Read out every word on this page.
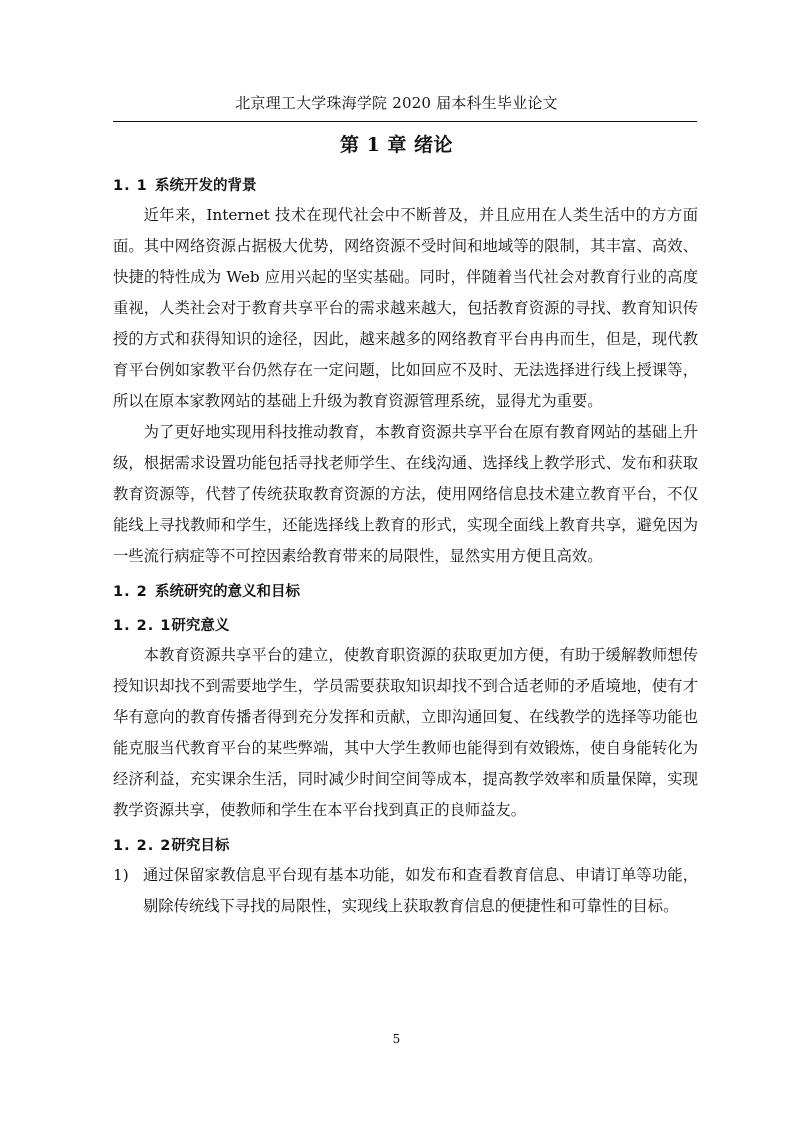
北京理工大学珠海学院 2020 届本科生毕业论文
第 1 章 绪论
1. 1 系统开发的背景

近年来，Internet 技术在现代社会中不断普及，并且应用在人类生活中的方方面面。其中网络资源占据极大优势，网络资源不受时间和地域等的限制，其丰富、高效、快捷的特性成为 Web 应用兴起的坚实基础。同时，伴随着当代社会对教育行业的高度重视，人类社会对于教育共享平台的需求越来越大，包括教育资源的寻找、教育知识传授的方式和获得知识的途径，因此，越来越多的网络教育平台冉冉而生，但是，现代教育平台例如家教平台仍然存在一定问题，比如回应不及时、无法选择进行线上授课等，所以在原本家教网站的基础上升级为教育资源管理系统，显得尤为重要。

为了更好地实现用科技推动教育，本教育资源共享平台在原有教育网站的基础上升级，根据需求设置功能包括寻找老师学生、在线沟通、选择线上教学形式、发布和获取教育资源等，代替了传统获取教育资源的方法，使用网络信息技术建立教育平台，不仅能线上寻找教师和学生，还能选择线上教育的形式，实现全面线上教育共享，避免因为一些流行病症等不可控因素给教育带来的局限性，显然实用方便且高效。

1. 2 系统研究的意义和目标
1. 2. 1研究意义

本教育资源共享平台的建立，使教育职资源的获取更加方便，有助于缓解教师想传授知识却找不到需要地学生，学员需要获取知识却找不到合适老师的矛盾境地，使有才华有意向的教育传播者得到充分发挥和贡献，立即沟通回复、在线教学的选择等功能也能克服当代教育平台的某些弊端，其中大学生教师也能得到有效锻炼，使自身能转化为经济利益，充实课余生活，同时减少时间空间等成本，提高教学效率和质量保障，实现教学资源共享，使教师和学生在本平台找到真正的良师益友。

1. 2. 2研究目标
1) 通过保留家教信息平台现有基本功能，如发布和查看教育信息、申请订单等功能，剔除传统线下寻找的局限性，实现线上获取教育信息的便捷性和可靠性的目标。
5
